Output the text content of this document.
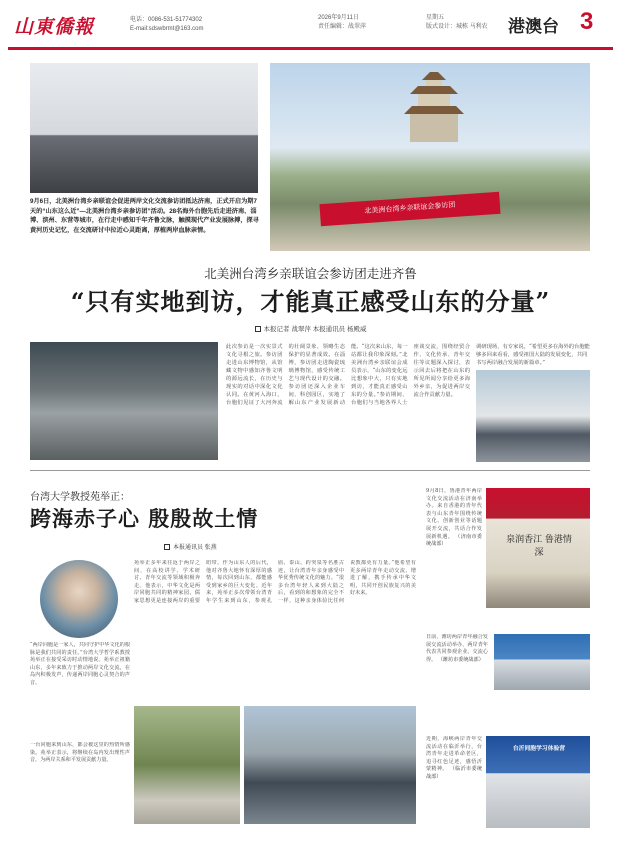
山東僑報	电话：0086-531-51774302
E-mail:sdswbrmt@163.com
2026年9月11日
责任编辑：战翠萍
星期五
版式设计：城栋 马利农 港澳台 3
北美洲台湾乡亲联谊会参访团
9月6日，北美洲台湾乡亲联谊会促进两岸文化交流参访团抵达济南，正式开启为期7天的“山东这么近”—北美洲台湾乡亲参访团”活动。28名海外台胞先后走进济南、淄博、滨州、东营等城市，在行走中感知千年齐鲁文脉，触摸现代产业发展脉搏，探寻黄河历史记忆，在交流研讨中拉近心灵距离，厚植两岸血脉亲情。
北美洲台湾乡亲联谊会参访团走进齐鲁
“只有实地到访，才能真正感受山东的分量”
本报记者 战翠萍 本报通讯员 杨殿威
此次参访是一次实景式文化寻根之旅。参访团走进山东博物馆，从馆藏文物中感知齐鲁文明的源远流长，在历史与现实的对话中深化文化认同。在黄河入海口，台胞们见证了大河奔流的壮阔景象，领略生态保护的显著成效。在淄博，参访团走进陶瓷琉璃博物馆，感受传统工艺与现代设计的交融。参访团还深入企业车间、科创园区，实地了解山东产业发展新动能。“这次来山东，每一站都让我印象深刻。”北美洲台湾乡亲联谊会成员表示，“山东的变化远比想象中大，只有实地到访，才能真正感受山东的分量。”参访期间，台胞们与当地各界人士座谈交流，围绕经贸合作、文化传承、青年交往等议题深入探讨，表示回去后将把在山东的所见所闻分享给更多海外乡亲，为促进两岸交流合作贡献力量。
调研现场，有专家说，“希望更多在海外的台胞能够多回来看看，感受祖国大陆的发展变化，共同书写两岸融合发展的新篇章。”
台湾大学教授苑举正：
跨海赤子心 殷殷故土情
本报通讯员 张燕
“两岸同胞是一家人，共同守护中华文化的根脉是我们共同的责任。”台湾大学哲学系教授苑举正在接受采访时动情地说。苑举正祖籍山东，多年来致力于推动两岸文化交流，在岛内积极发声，传递两岸同胞心灵契合的声音。
苑举正多年来往返于两岸之间，在高校讲学、学术研讨、青年交流等领域积极奔走。他表示，中华文化是两岸同胞共同的精神家园，儒家思想更是连接两岸的重要纽带。作为山东人的后代，他对齐鲁大地怀有深厚的感情，每次回到山东，都能感受到家乡的巨大变化。近年来，苑举正多次带领台湾青年学生来到山东，参观孔庙、泰山、趵突泉等名胜古迹，让台湾青年亲身感受中华优秀传统文化的魅力。“很多台湾年轻人来到大陆之后，看到的和想象的完全不一样，这种亲身体验比任何说教都更有力量。”他希望有更多两岸青年走动交流、增进了解，携手传承中华文明，共同开创民族复兴的美好未来。
一台同胞来到山东，都会被这里的热情所感染。苑举正表示，将继续在岛内发出理性声音，为两岸关系和平发展贡献力量。
9月8日，鲁港青年两岸文化交流活动在济南举办。来自香港的青年代表与山东青年围绕传统文化、创新创业等话题展开交流，共话合作发展新机遇。 （济南市委统战部）	泉润香江 鲁港情深
日前，潍坊两岸青年融合发展交流活动举办，两岸青年代表共同参观企业、交流心得。 （潍坊市委统战部）
近期，海峡两岸青年交流活动在临沂举行，台湾青年走进革命老区，追寻红色足迹，感悟沂蒙精神。 （临沂市委统战部）
台沂同胞学习体验营
